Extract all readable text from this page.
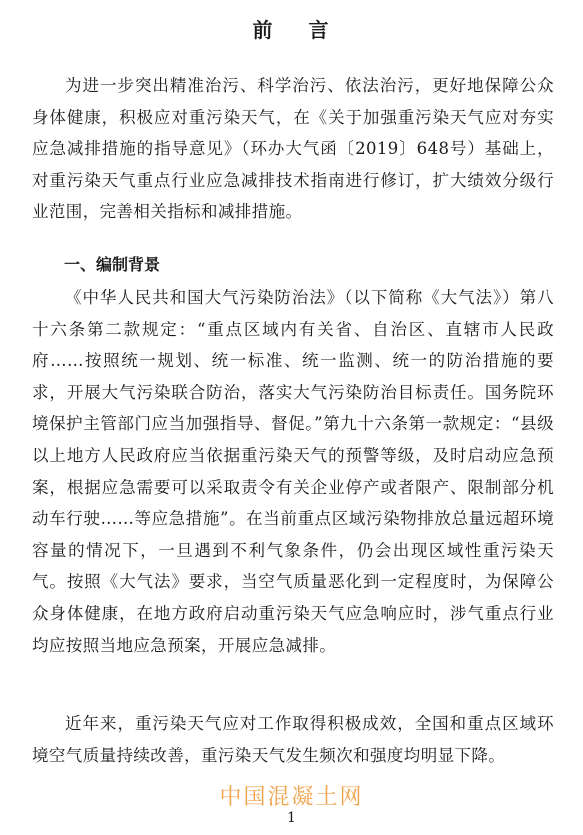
前 言

为进一步突出精准治污、科学治污、依法治污，更好地保障公众身体健康，积极应对重污染天气，在《关于加强重污染天气应对夯实应急减排措施的指导意见》（环办大气函〔2019〕648号）基础上，对重污染天气重点行业应急减排技术指南进行修订，扩大绩效分级行业范围，完善相关指标和减排措施。

一、编制背景

《中华人民共和国大气污染防治法》（以下简称《大气法》）第八十六条第二款规定：“重点区域内有关省、自治区、直辖市人民政府……按照统一规划、统一标准、统一监测、统一的防治措施的要求，开展大气污染联合防治，落实大气污染防治目标责任。国务院环境保护主管部门应当加强指导、督促。”第九十六条第一款规定：“县级以上地方人民政府应当依据重污染天气的预警等级，及时启动应急预案，根据应急需要可以采取责令有关企业停产或者限产、限制部分机动车行驶……等应急措施”。在当前重点区域污染物排放总量远超环境容量的情况下，一旦遇到不利气象条件，仍会出现区域性重污染天气。按照《大气法》要求，当空气质量恶化到一定程度时，为保障公众身体健康，在地方政府启动重污染天气应急响应时，涉气重点行业均应按照当地应急预案，开展应急减排。

近年来，重污染天气应对工作取得积极成效，全国和重点区域环境空气质量持续改善，重污染天气发生频次和强度均明显下降。

中国混凝土网
1
